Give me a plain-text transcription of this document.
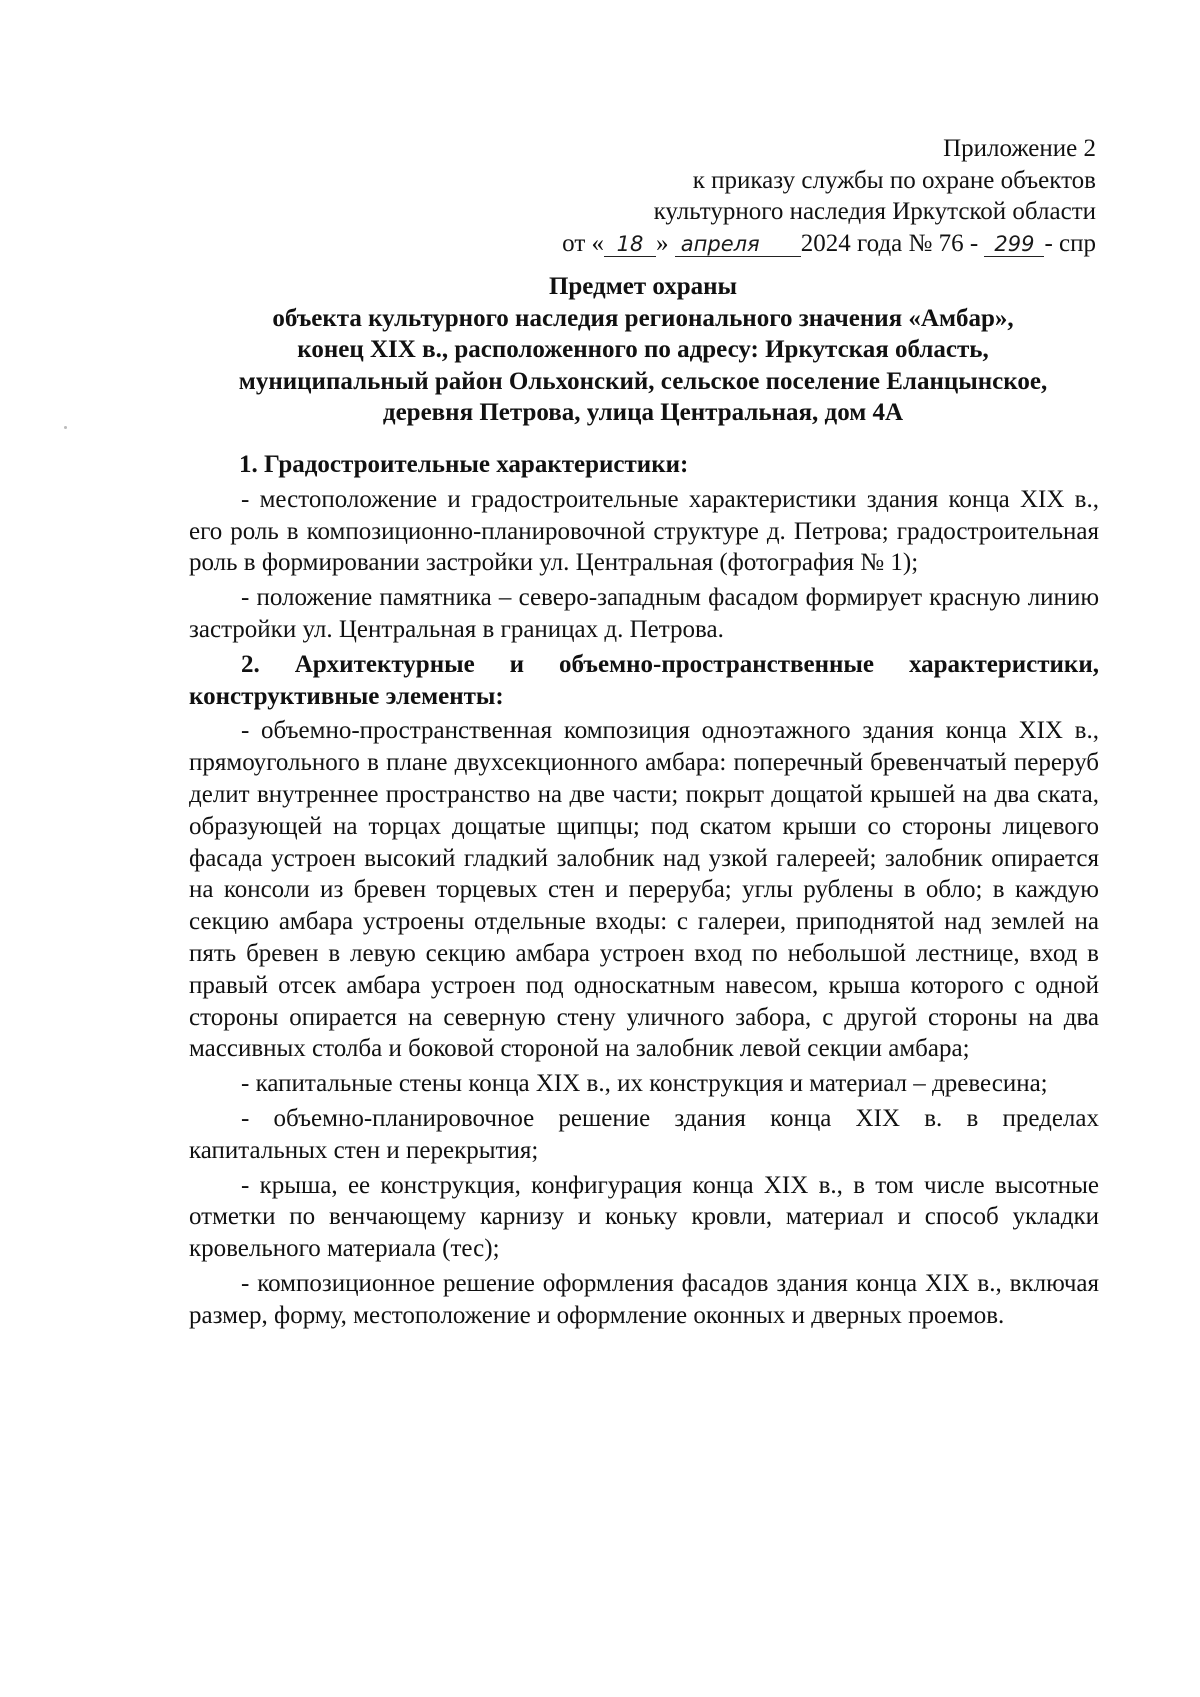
Приложение 2
к приказу службы по охране объектов
культурного наследия Иркутской области
от « 18 » апреля 2024 года № 76 - 299 - спр
Предмет охраны
объекта культурного наследия регионального значения «Амбар»,
конец XIX в., расположенного по адресу: Иркутская область,
муниципальный район Ольхонский, сельское поселение Еланцынское,
деревня Петрова, улица Центральная, дом 4А

1. Градостроительные характеристики:

- местоположение и градостроительные характеристики здания конца XIX в., его роль в композиционно-планировочной структуре д. Петрова; градостроительная роль в формировании застройки ул. Центральная (фотография № 1);

- положение памятника – северо-западным фасадом формирует красную линию застройки ул. Центральная в границах д. Петрова.

2. Архитектурные и объемно-пространственные характеристики, конструктивные элементы:

- объемно-пространственная композиция одноэтажного здания конца XIX в., прямоугольного в плане двухсекционного амбара: поперечный бревенчатый переруб делит внутреннее пространство на две части; покрыт дощатой крышей на два ската, образующей на торцах дощатые щипцы; под скатом крыши со стороны лицевого фасада устроен высокий гладкий залобник над узкой галереей; залобник опирается на консоли из бревен торцевых стен и переруба; углы рублены в обло; в каждую секцию амбара устроены отдельные входы: с галереи, приподнятой над землей на пять бревен в левую секцию амбара устроен вход по небольшой лестнице, вход в правый отсек амбара устроен под односкатным навесом, крыша которого с одной стороны опирается на северную стену уличного забора, с другой стороны на два массивных столба и боковой стороной на залобник левой секции амбара;

- капитальные стены конца XIX в., их конструкция и материал – древесина;

- объемно-планировочное решение здания конца XIX в. в пределах капитальных стен и перекрытия;

- крыша, ее конструкция, конфигурация конца XIX в., в том числе высотные отметки по венчающему карнизу и коньку кровли, материал и способ укладки кровельного материала (тес);

- композиционное решение оформления фасадов здания конца XIX в., включая размер, форму, местоположение и оформление оконных и дверных проемов.
